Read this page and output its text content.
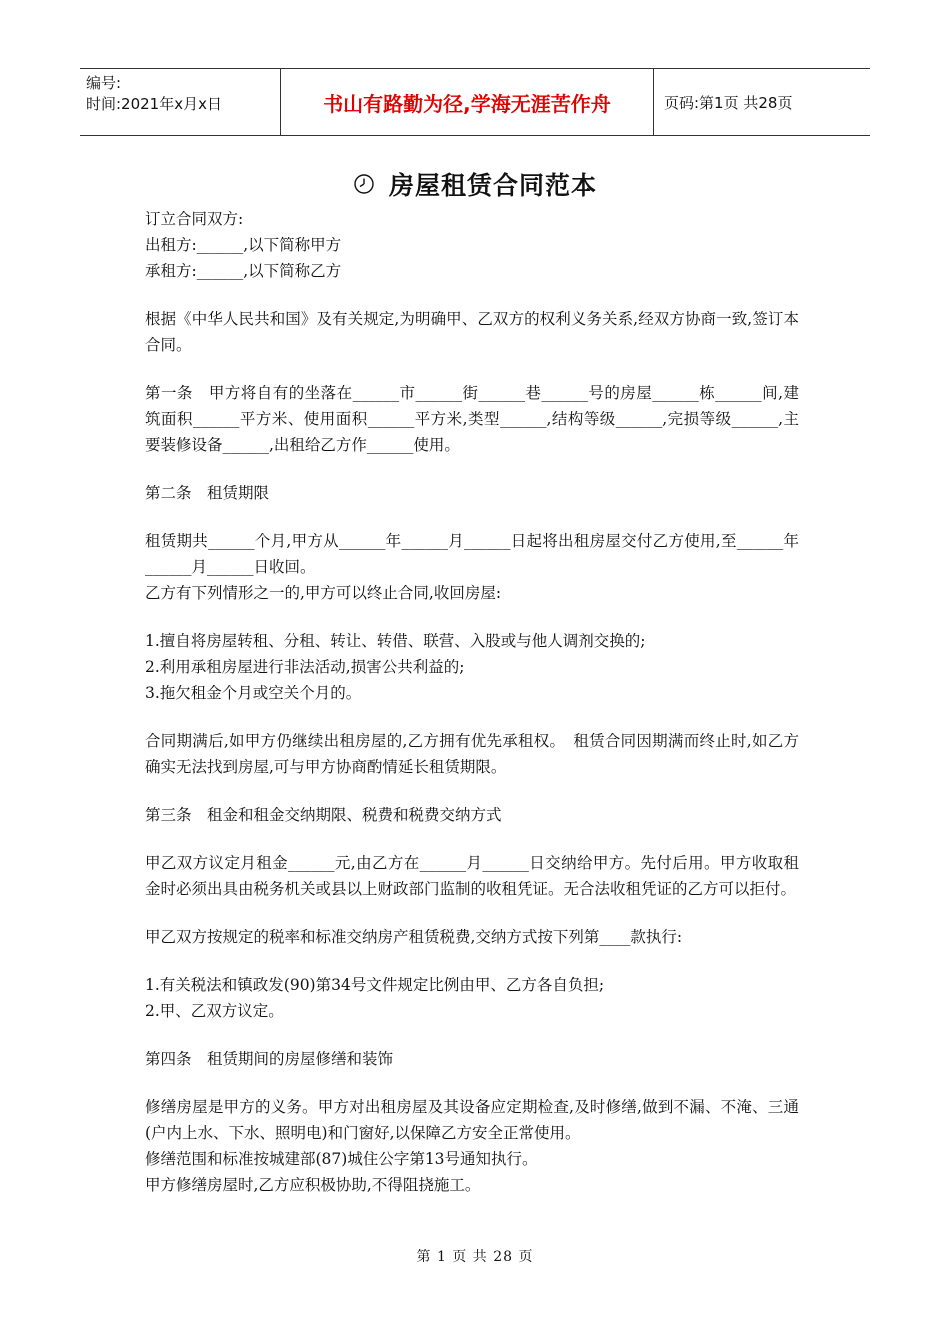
编号:
时间:2021年x月x日	书山有路勤为径,学海无涯苦作舟	页码:第1页 共28页
房屋租赁合同范本

订立合同双方:

出租方:______,以下简称甲方

承租方:______,以下简称乙方

根据《中华人民共和国》及有关规定,为明确甲、乙双方的权利义务关系,经双方协商一致,签订本合同。

第一条　甲方将自有的坐落在______市______街______巷______号的房屋______栋______间,建筑面积______平方米、使用面积______平方米,类型______,结构等级______,完损等级______,主要装修设备______,出租给乙方作______使用。

第二条　租赁期限

租赁期共______个月,甲方从______年______月______日起将出租房屋交付乙方使用,至______年______月______日收回。

乙方有下列情形之一的,甲方可以终止合同,收回房屋:

1.擅自将房屋转租、分租、转让、转借、联营、入股或与他人调剂交换的;

2.利用承租房屋进行非法活动,损害公共利益的;

3.拖欠租金个月或空关个月的。

合同期满后,如甲方仍继续出租房屋的,乙方拥有优先承租权。　租赁合同因期满而终止时,如乙方确实无法找到房屋,可与甲方协商酌情延长租赁期限。

第三条　租金和租金交纳期限、税费和税费交纳方式

甲乙双方议定月租金______元,由乙方在______月______日交纳给甲方。先付后用。甲方收取租金时必须出具由税务机关或县以上财政部门监制的收租凭证。无合法收租凭证的乙方可以拒付。

甲乙双方按规定的税率和标准交纳房产租赁税费,交纳方式按下列第____款执行:

1.有关税法和镇政发(90)第34号文件规定比例由甲、乙方各自负担;

2.甲、乙双方议定。

第四条　租赁期间的房屋修缮和装饰

修缮房屋是甲方的义务。甲方对出租房屋及其设备应定期检查,及时修缮,做到不漏、不淹、三通(户内上水、下水、照明电)和门窗好,以保障乙方安全正常使用。

修缮范围和标准按城建部(87)城住公字第13号通知执行。

甲方修缮房屋时,乙方应积极协助,不得阻挠施工。

第 1 页 共 28 页
